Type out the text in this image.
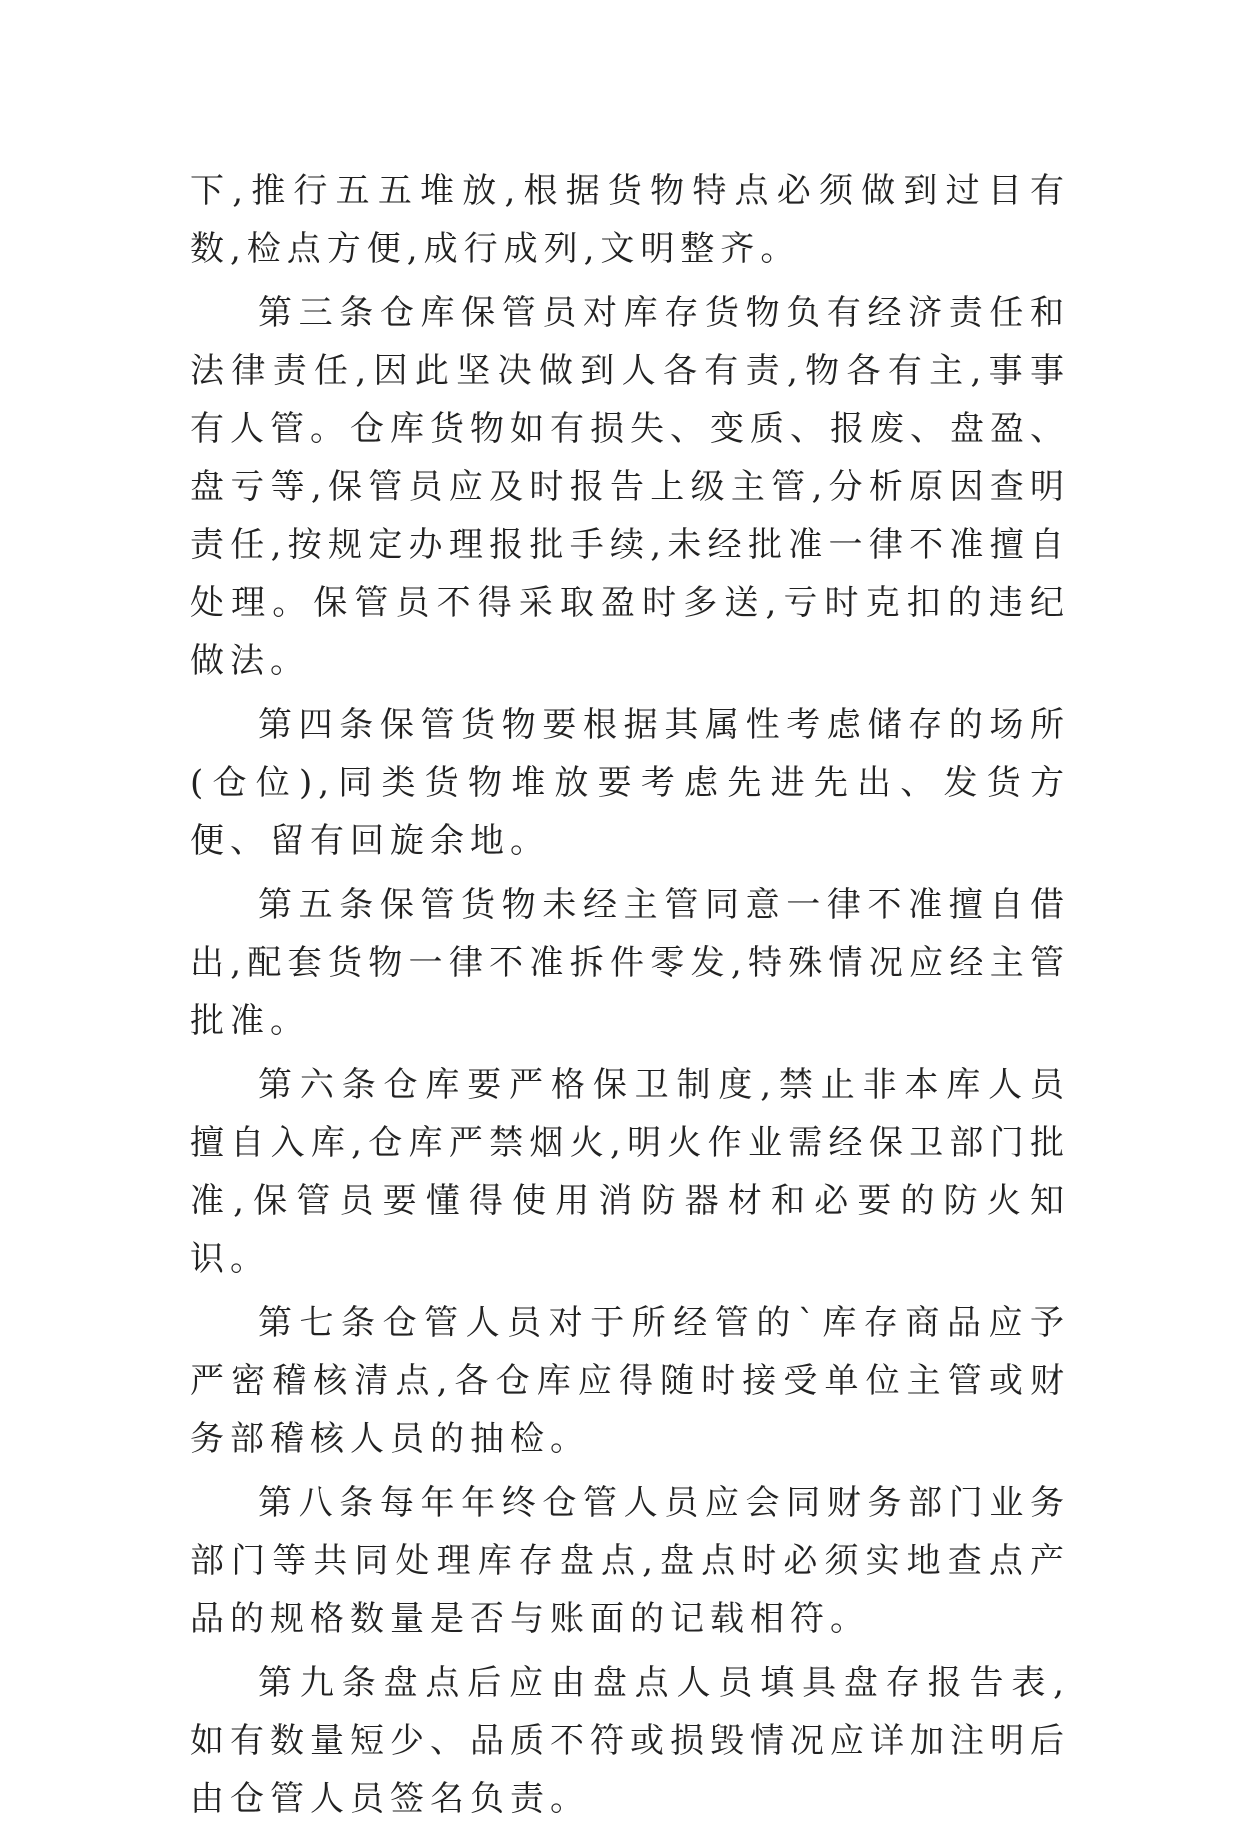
下,推行五五堆放,根据货物特点必须做到过目有数,检点方便,成行成列,文明整齐。

第三条仓库保管员对库存货物负有经济责任和法律责任,因此坚决做到人各有责,物各有主,事事有人管。仓库货物如有损失、变质、报废、盘盈、盘亏等,保管员应及时报告上级主管,分析原因查明责任,按规定办理报批手续,未经批准一律不准擅自处理。保管员不得采取盈时多送,亏时克扣的违纪做法。

第四条保管货物要根据其属性考虑储存的场所(仓位),同类货物堆放要考虑先进先出、发货方便、留有回旋余地。

第五条保管货物未经主管同意一律不准擅自借出,配套货物一律不准拆件零发,特殊情况应经主管批准。

第六条仓库要严格保卫制度,禁止非本库人员擅自入库,仓库严禁烟火,明火作业需经保卫部门批准,保管员要懂得使用消防器材和必要的防火知识。

第七条仓管人员对于所经管的`库存商品应予严密稽核清点,各仓库应得随时接受单位主管或财务部稽核人员的抽检。

第八条每年年终仓管人员应会同财务部门业务部门等共同处理库存盘点,盘点时必须实地查点产品的规格数量是否与账面的记载相符。

第九条盘点后应由盘点人员填具盘存报告表,如有数量短少、品质不符或损毁情况应详加注明后由仓管人员签名负责。
